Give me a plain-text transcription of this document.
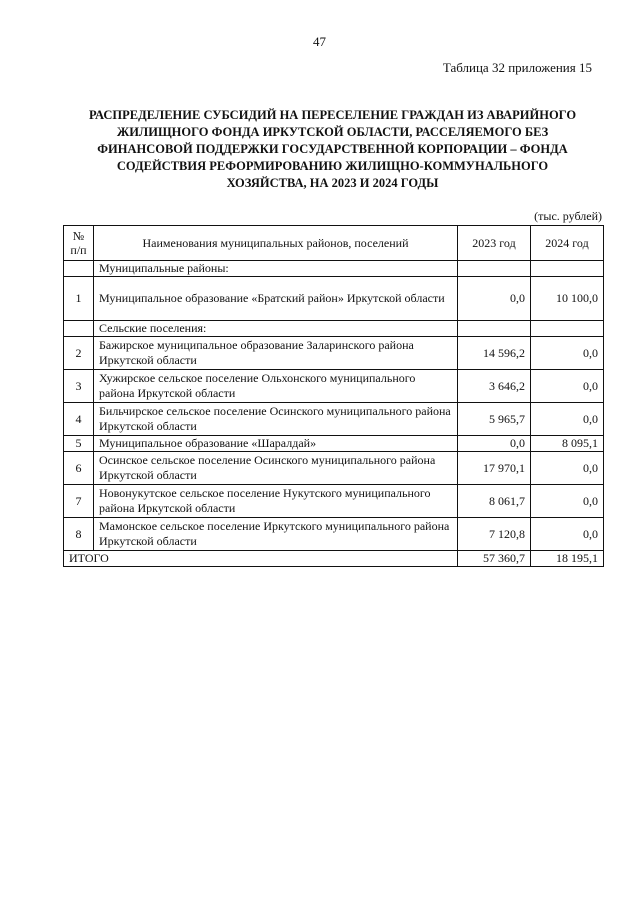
47
Таблица 32 приложения 15
РАСПРЕДЕЛЕНИЕ СУБСИДИЙ НА ПЕРЕСЕЛЕНИЕ ГРАЖДАН ИЗ АВАРИЙНОГО
ЖИЛИЩНОГО ФОНДА ИРКУТСКОЙ ОБЛАСТИ, РАССЕЛЯЕМОГО БЕЗ
ФИНАНСОВОЙ ПОДДЕРЖКИ ГОСУДАРСТВЕННОЙ КОРПОРАЦИИ – ФОНДА
СОДЕЙСТВИЯ РЕФОРМИРОВАНИЮ ЖИЛИЩНО-КОММУНАЛЬНОГО
ХОЗЯЙСТВА, НА 2023 И 2024 ГОДЫ
(тыс. рублей)
№
п/п	Наименования муниципальных районов, поселений	2023 год	2024 год
	Муниципальные районы:		
1	Муниципальное образование «Братский район» Иркутской области	0,0	10 100,0
	Сельские поселения:		
2	Бажирское муниципальное образование Заларинского района Иркутской области	14 596,2	0,0
3	Хужирское сельское поселение Ольхонского муниципального района Иркутской области	3 646,2	0,0
4	Бильчирское сельское поселение Осинского муниципального района Иркутской области	5 965,7	0,0
5	Муниципальное образование «Шаралдай»	0,0	8 095,1
6	Осинское сельское поселение Осинского муниципального района Иркутской области	17 970,1	0,0
7	Новонукутское сельское поселение Нукутского муниципального района Иркутской области	8 061,7	0,0
8	Мамонское сельское поселение Иркутского муниципального района Иркутской области	7 120,8	0,0
ИТОГО		57 360,7	18 195,1
